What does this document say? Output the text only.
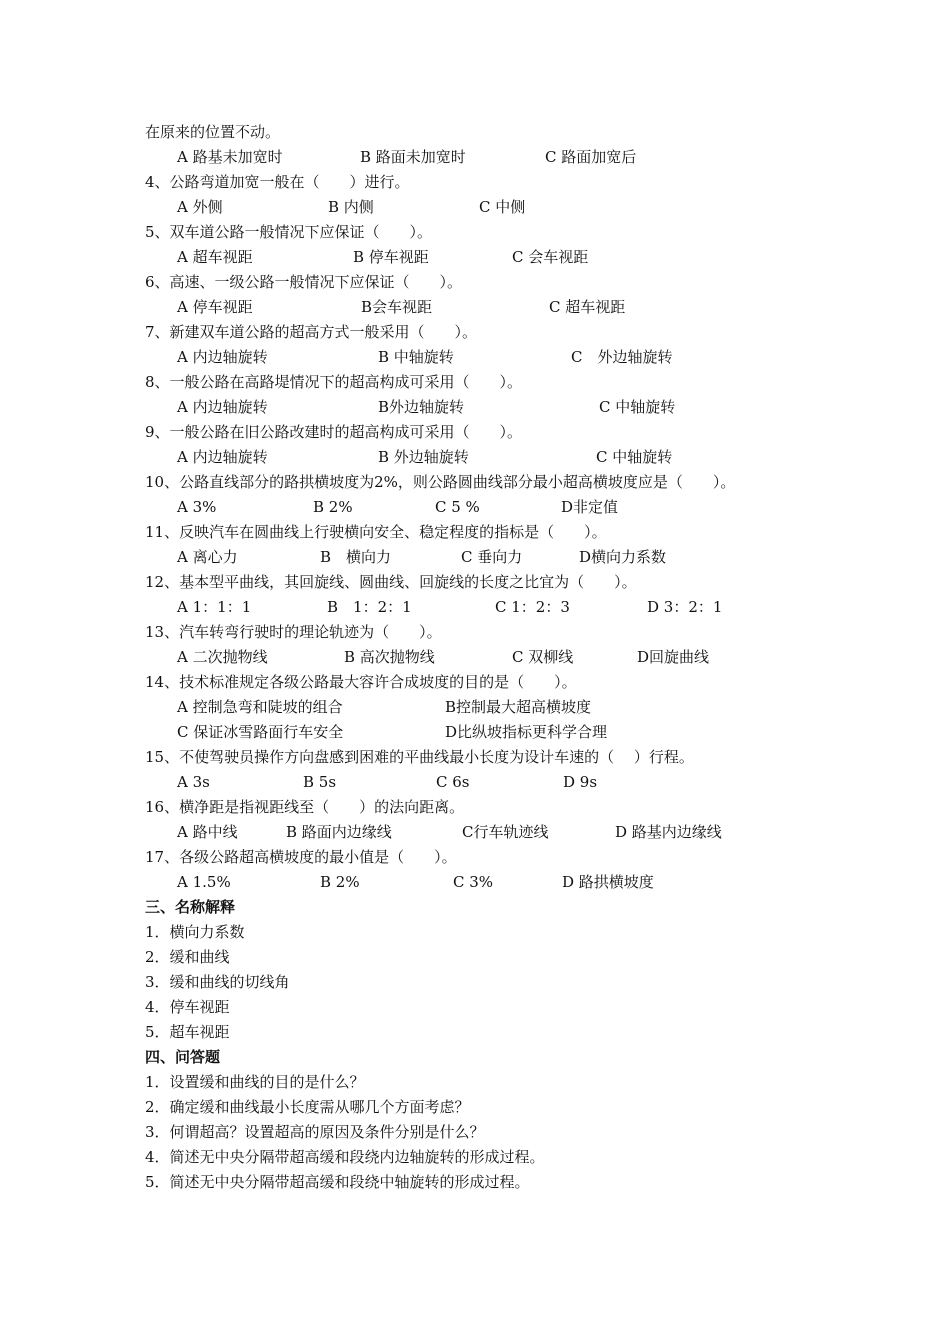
在原来的位置不动。
A 路基未加宽时	B 路面未加宽时	C 路面加宽后
4、公路弯道加宽一般在（　　）进行。
A 外侧	B 内侧	C 中侧
5、双车道公路一般情况下应保证（　　）。
A 超车视距	B 停车视距	C 会车视距
6、高速、一级公路一般情况下应保证（　　）。
A 停车视距	B会车视距	C 超车视距
7、新建双车道公路的超高方式一般采用（　　）。
A 内边轴旋转	B 中轴旋转	C　外边轴旋转
8、一般公路在高路堤情况下的超高构成可采用（　　）。
A 内边轴旋转	B外边轴旋转	C 中轴旋转
9、一般公路在旧公路改建时的超高构成可采用（　　）。
A 内边轴旋转	B 外边轴旋转	C 中轴旋转
10、公路直线部分的路拱横坡度为2%，则公路圆曲线部分最小超高横坡度应是（　　）。
A 3%	B 2%	C 5 %	D非定值
11、反映汽车在圆曲线上行驶横向安全、稳定程度的指标是（　　）。
A 离心力	B　横向力	C 垂向力	D横向力系数
12、基本型平曲线，其回旋线、圆曲线、回旋线的长度之比宜为（　　）。
A 1：1：1	B　1：2：1	C 1：2：3	D 3：2：1
13、汽车转弯行驶时的理论轨迹为（　　）。
A 二次抛物线	B 高次抛物线	C 双柳线	D回旋曲线
14、技术标准规定各级公路最大容许合成坡度的目的是（　　）。
A 控制急弯和陡坡的组合	B控制最大超高横坡度
C 保证冰雪路面行车安全	D比纵坡指标更科学合理
15、不使驾驶员操作方向盘感到困难的平曲线最小长度为设计车速的（　 ）行程。
A 3s	B 5s	C 6s	D 9s
16、横净距是指视距线至（　　）的法向距离。
A 路中线	B 路面内边缘线	C行车轨迹线	D 路基内边缘线
17、各级公路超高横坡度的最小值是（　　）。
A 1.5%	B 2%	C 3%	D 路拱横坡度
三、名称解释
1．横向力系数
2．缓和曲线
3．缓和曲线的切线角
4．停车视距
5．超车视距
四、问答题
1．设置缓和曲线的目的是什么？
2．确定缓和曲线最小长度需从哪几个方面考虑？
3．何谓超高？设置超高的原因及条件分别是什么？
4．简述无中央分隔带超高缓和段绕内边轴旋转的形成过程。
5．简述无中央分隔带超高缓和段绕中轴旋转的形成过程。
